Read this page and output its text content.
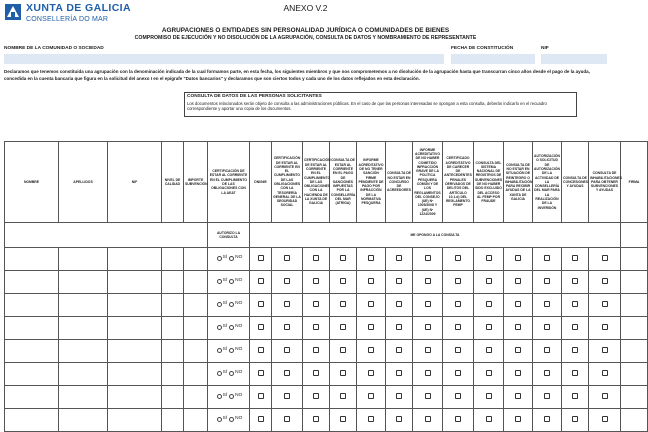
XUNTA DE GALICIA
CONSELLERÍA DO MAR
ANEXO V.2
AGRUPACIONES O ENTIDADES SIN PERSONALIDAD JURÍDICA O COMUNIDADES DE BIENES
COMPROMISO DE EJECUCIÓN Y NO DISOLUCIÓN DE LA AGRUPACIÓN, CONSULTA DE DATOS Y NOMBRAMIENTO DE REPRESENTANTE
NOMBRE DE LA COMUNIDAD O SOCIEDAD	FECHA DE CONSTITUCIÓN	NIF
Declaramos que tenemos constituida una agrupación con la denominación indicada de la cual formamos parte, en esta fecha, los siguientes miembros y que nos comprometemos a no disolución de la agrupación hasta que transcurran cinco años desde el pago de la ayuda, concedida en la cuenta bancaria que figura en la solicitud del anexo I en el epígrafe "Datos bancarios" y declaramos que son ciertos todos y cada uno de los datos reflejados en esta declaración.
CONSULTA DE DATOS DE LAS PERSONAS SOLICITANTES
Los documentos relacionados serán objeto de consulta a las administraciones públicas. En el caso de que las personas interesadas se opongan a esta consulta, deberán indicarlo en el recuadro correspondiente y aportar una copia de los documentos.
NOMBRE	APELLIDOS	NIF	NIVEL DE CALIDAD	IMPORTE SUBVENCIÓN	CERTIFICACIÓN DE ESTAR AL CORRIENTE EN EL CUMPLIMIENTO DE LAS OBLIGACIONES CON LA AEAT	DNI/NIE	CERTIFICACIÓN DE ESTAR AL CORRIENTE EN EL CUMPLIMIENTO DE LAS OBLIGACIONES CON LA TESORERÍA GENERAL DE LA SEGURIDAD SOCIAL	CERTIFICACIÓN DE ESTAR AL CORRIENTE EN EL CUMPLIMIENTO DE LAS OBLIGACIONES CON LA HACIENDA DE LA XUNTA DE GALICIA	CONSULTA DE ESTAR AL CORRIENTE EN EL PAGO DE SANCIONES IMPUESTAS POR LA CONSELLERÍA DEL MAR (ATRIGA)	INFORME ACREDITATIVO DE NO TENER SANCIÓN FIRME PENDIENTE DE PAGO POR INFRACCIÓN DE LA NORMATIVA PESQUERA	CONSULTA DE NO ESTAR EN CONCURSO DE ACREEDORES	INFORME ACREDITATIVO DE NO HABER COMETIDO INFRACCIÓN GRAVE DE LA POLÍTICA PESQUERA COMÚN Y DE LOS REGLAMENTOS DEL CONSEJO (UE) Nº 1005/2008 Y (UE) Nº 1224/2009	CERTIFICADO ACREDITATIVO DE CARECER DE ANTECEDENTES PENALES DERIVADOS DE DELITOS DEL ARTÍCULO 10.1.d) DEL REGLAMENTO FEMP	CONSULTA DEL SISTEMA NACIONAL DE REGISTROS DE SUBVENCIONES DE NO HABER SIDO EXCLUIDO DEL ACCESO AL FEMP POR FRAUDE	CONSULTA DE NO ESTAR EN SITUACIÓN DE REINTEGRO O INHABILITACIÓN PARA RECIBIR AYUDAS DE LA XUNTA DE GALICIA	AUTORIZACIÓN O SOLICITUD DE AUTORIZACIÓN DE LA ACTIVIDAD DE LA CONSELLERÍA DEL MAR PARA LA REALIZACIÓN DE LA INVERSIÓN	CONSULTA DE CONCESIONES Y AYUDAS	CONSULTA DE INHABILITACIONES PARA OBTENER SUBVENCIONES Y AYUDAS	FIRMA
					AUTORIZO LA CONSULTA	ME OPONGO A LA CONSULTA													

					SÍ NO														

					SÍ NO														

					SÍ NO														

					SÍ NO														

					SÍ NO														

					SÍ NO														

					SÍ NO														

					SÍ NO														
